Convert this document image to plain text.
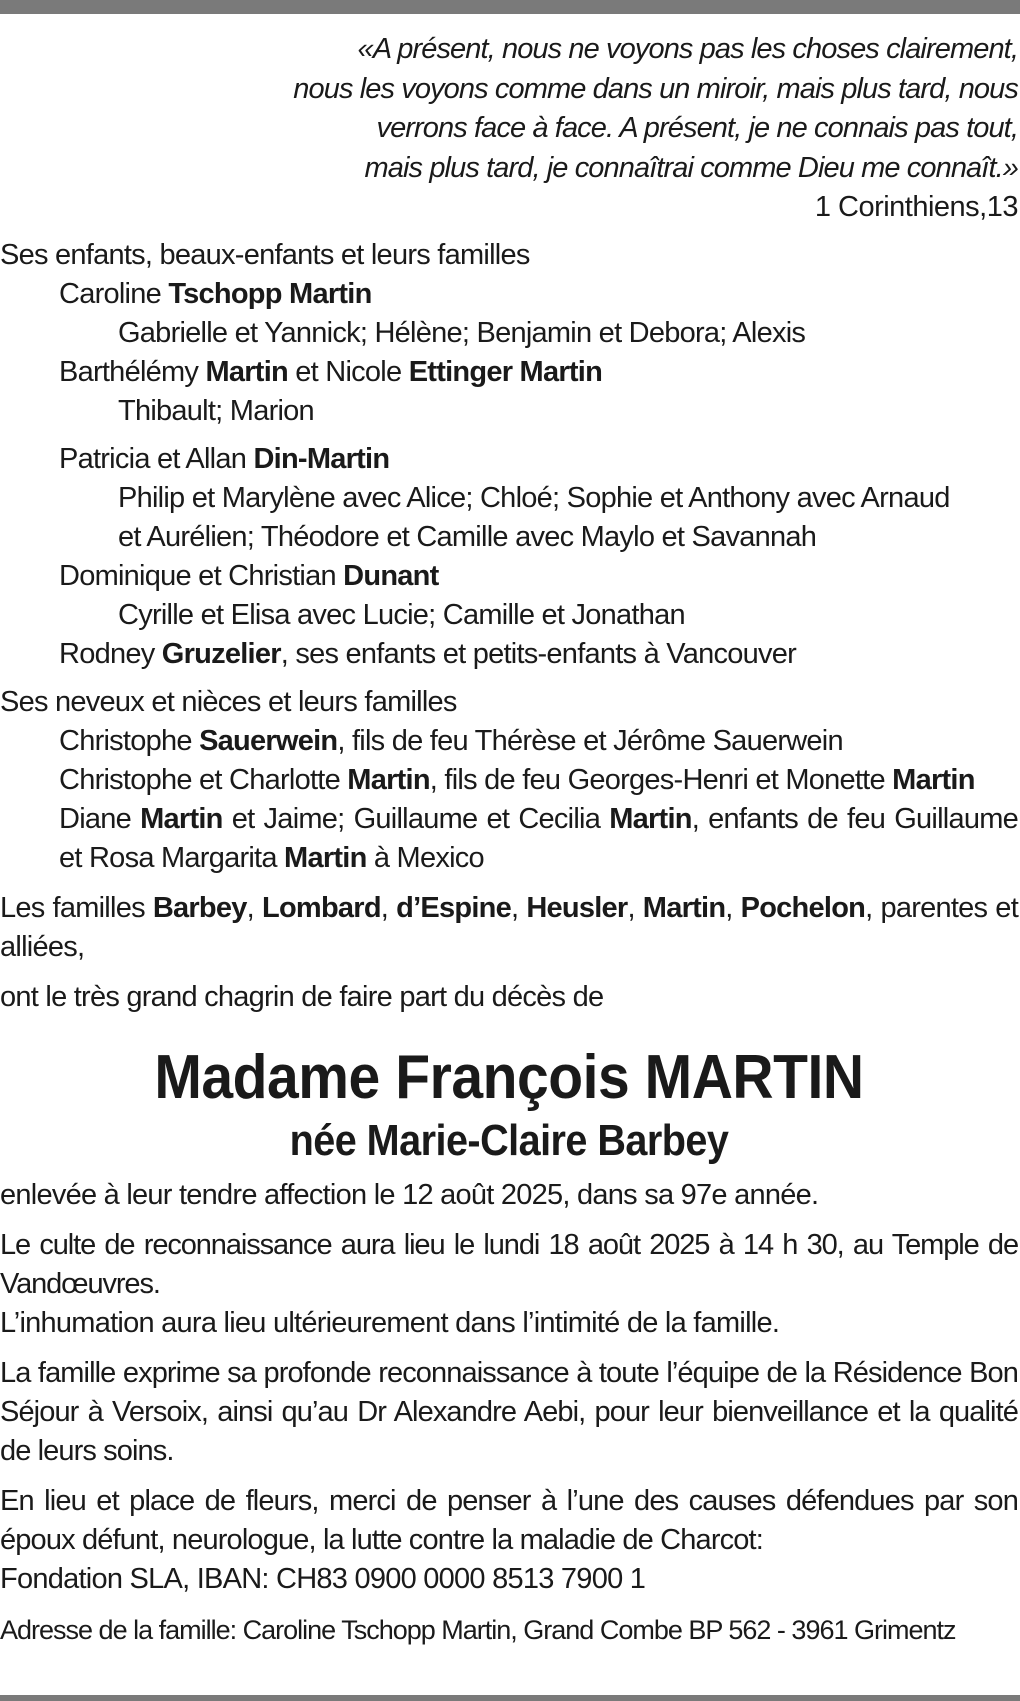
«A présent, nous ne voyons pas les choses clairement,
nous les voyons comme dans un miroir, mais plus tard, nous
verrons face à face. A présent, je ne connais pas tout,
mais plus tard, je connaîtrai comme Dieu me connaît.»
1 Corinthiens,13
Ses enfants, beaux-enfants et leurs familles
Caroline Tschopp Martin
Gabrielle et Yannick; Hélène; Benjamin et Debora; Alexis
Barthélémy Martin et Nicole Ettinger Martin
Thibault; Marion
Patricia et Allan Din-Martin
Philip et Marylène avec Alice; Chloé; Sophie et Anthony avec Arnaud
et Aurélien; Théodore et Camille avec Maylo et Savannah
Dominique et Christian Dunant
Cyrille et Elisa avec Lucie; Camille et Jonathan
Rodney Gruzelier, ses enfants et petits-enfants à Vancouver
Ses neveux et nièces et leurs familles
Christophe Sauerwein, fils de feu Thérèse et Jérôme Sauerwein
Christophe et Charlotte Martin, fils de feu Georges-Henri et Monette Martin
Diane Martin et Jaime; Guillaume et Cecilia Martin, enfants de feu Guillaume et Rosa Margarita Martin à Mexico
Les familles Barbey, Lombard, d’Espine, Heusler, Martin, Pochelon, parentes et alliées,
ont le très grand chagrin de faire part du décès de
Madame François MARTIN
née Marie-Claire Barbey
enlevée à leur tendre affection le 12 août 2025, dans sa 97e année.
Le culte de reconnaissance aura lieu le lundi 18 août 2025 à 14 h 30, au Temple de Vandœuvres.
L’inhumation aura lieu ultérieurement dans l’intimité de la famille.
La famille exprime sa profonde reconnaissance à toute l’équipe de la Résidence Bon Séjour à Versoix, ainsi qu’au Dr Alexandre Aebi, pour leur bienveillance et la qualité de leurs soins.
En lieu et place de fleurs, merci de penser à l’une des causes défendues par son époux défunt, neurologue, la lutte contre la maladie de Charcot:
Fondation SLA, IBAN: CH83 0900 0000 8513 7900 1
Adresse de la famille: Caroline Tschopp Martin, Grand Combe BP 562 - 3961 Grimentz
